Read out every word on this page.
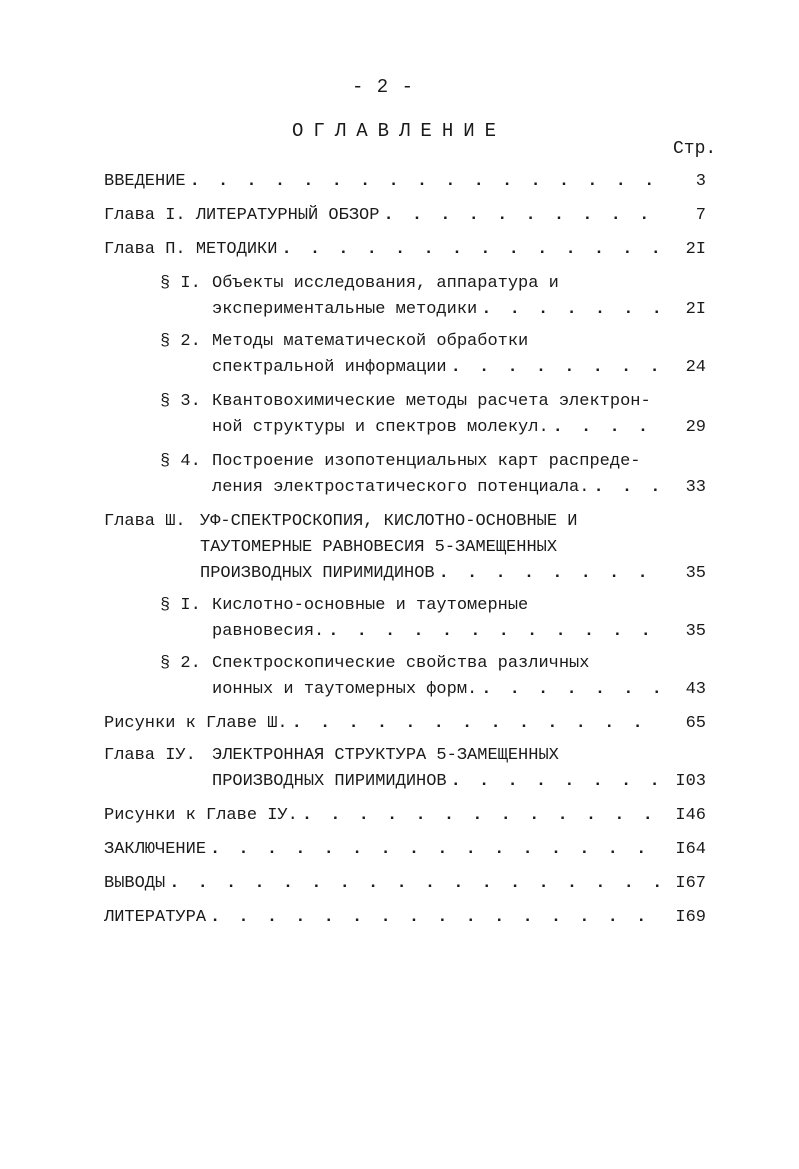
- 2 -
ОГЛАВЛЕНИЕ
Стр.
ВВЕДЕНИЕ . . .	3
Глава I. ЛИТЕРАТУРНЫЙ ОБЗОР . . .	7
Глава П. МЕТОДИКИ . . .	2I
§ I. Объекты исследования, аппаратура и
экспериментальные методики . . .	2I
§ 2. Методы математической обработки
спектральной информации . . .	24
§ 3. Квантовохимические методы расчета электрон-
ной структуры и спектров молекул. . . .	29
§ 4. Построение изопотенциальных карт распреде-
ления электростатического потенциала. . . .	33
Глава Ш. УФ-СПЕКТРОСКОПИЯ, КИСЛОТНО-ОСНОВНЫЕ И
ТАУТОМЕРНЫЕ РАВНОВЕСИЯ 5-ЗАМЕЩЕННЫХ
ПРОИЗВОДНЫХ ПИРИМИДИНОВ . . .	35
§ I. Кислотно-основные и таутомерные
равновесия. . . .	35
§ 2. Спектроскопические свойства различных
ионных и таутомерных форм. . . .	43
Рисунки к Главе Ш. . . .	65
Глава IУ. ЭЛЕКТРОННАЯ СТРУКТУРА 5-ЗАМЕЩЕННЫХ
ПРОИЗВОДНЫХ ПИРИМИДИНОВ . . .	I03
Рисунки к Главе IУ. . . .	I46
ЗАКЛЮЧЕНИЕ . . .	I64
ВЫВОДЫ . . .	I67
ЛИТЕРАТУРА . . .	I69
